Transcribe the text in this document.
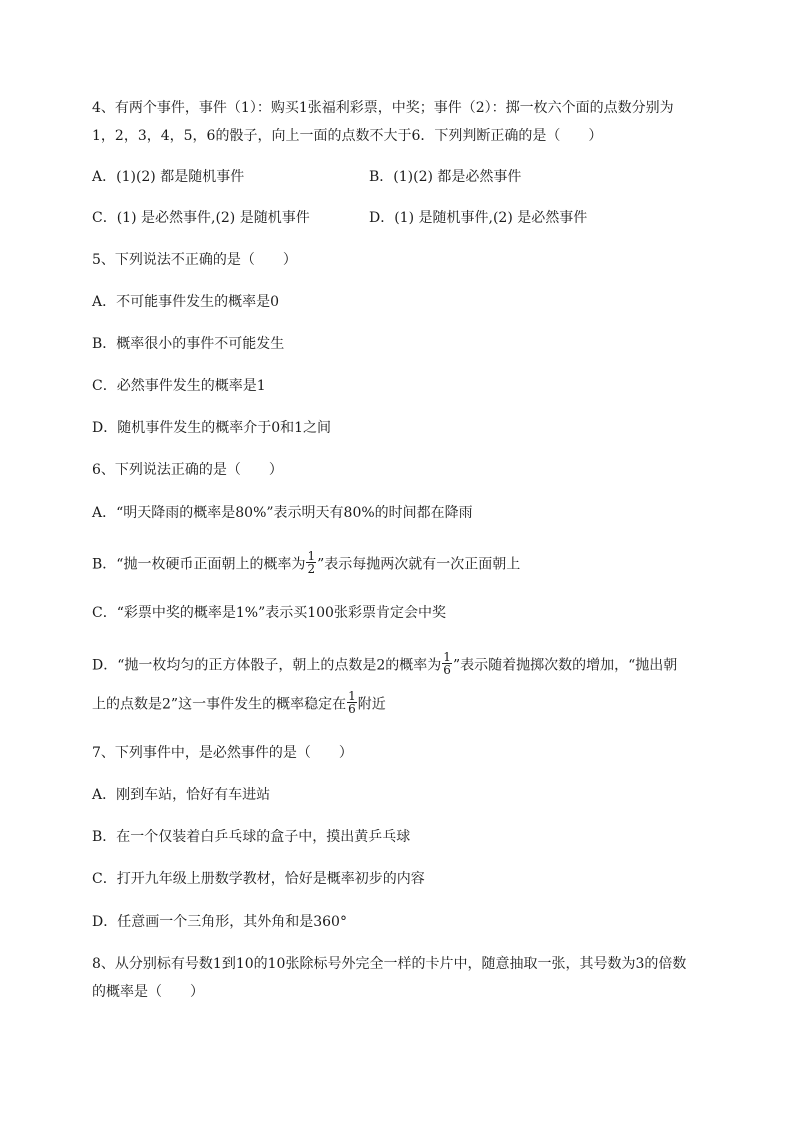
4、有两个事件，事件（1）：购买1张福利彩票，中奖；事件（2）：掷一枚六个面的点数分别为
1，2，3，4，5，6的骰子，向上一面的点数不大于6．下列判断正确的是（　　）
A．(1)(2) 都是随机事件	B．(1)(2) 都是必然事件
C．(1) 是必然事件,(2) 是随机事件	D．(1) 是随机事件,(2) 是必然事件
5、下列说法不正确的是（　　）
A．不可能事件发生的概率是0
B．概率很小的事件不可能发生
C．必然事件发生的概率是1
D．随机事件发生的概率介于0和1之间
6、下列说法正确的是（　　）
A．“明天降雨的概率是80%”表示明天有80%的时间都在降雨
B．“抛一枚硬币正面朝上的概率为 $\frac{1}{2}$ ”表示每抛两次就有一次正面朝上
C．“彩票中奖的概率是1%”表示买100张彩票肯定会中奖
D．“抛一枚均匀的正方体骰子，朝上的点数是2的概率为 $\frac{1}{6}$ ”表示随着抛掷次数的增加，“抛出朝
上的点数是2”这一事件发生的概率稳定在 $\frac{1}{6}$ 附近
7、下列事件中，是必然事件的是（　　）
A．刚到车站，恰好有车进站
B．在一个仅装着白乒乓球的盒子中，摸出黄乒乓球
C．打开九年级上册数学教材，恰好是概率初步的内容
D．任意画一个三角形，其外角和是360°
8、从分别标有号数1到10的10张除标号外完全一样的卡片中，随意抽取一张，其号数为3的倍数
的概率是（　　）
